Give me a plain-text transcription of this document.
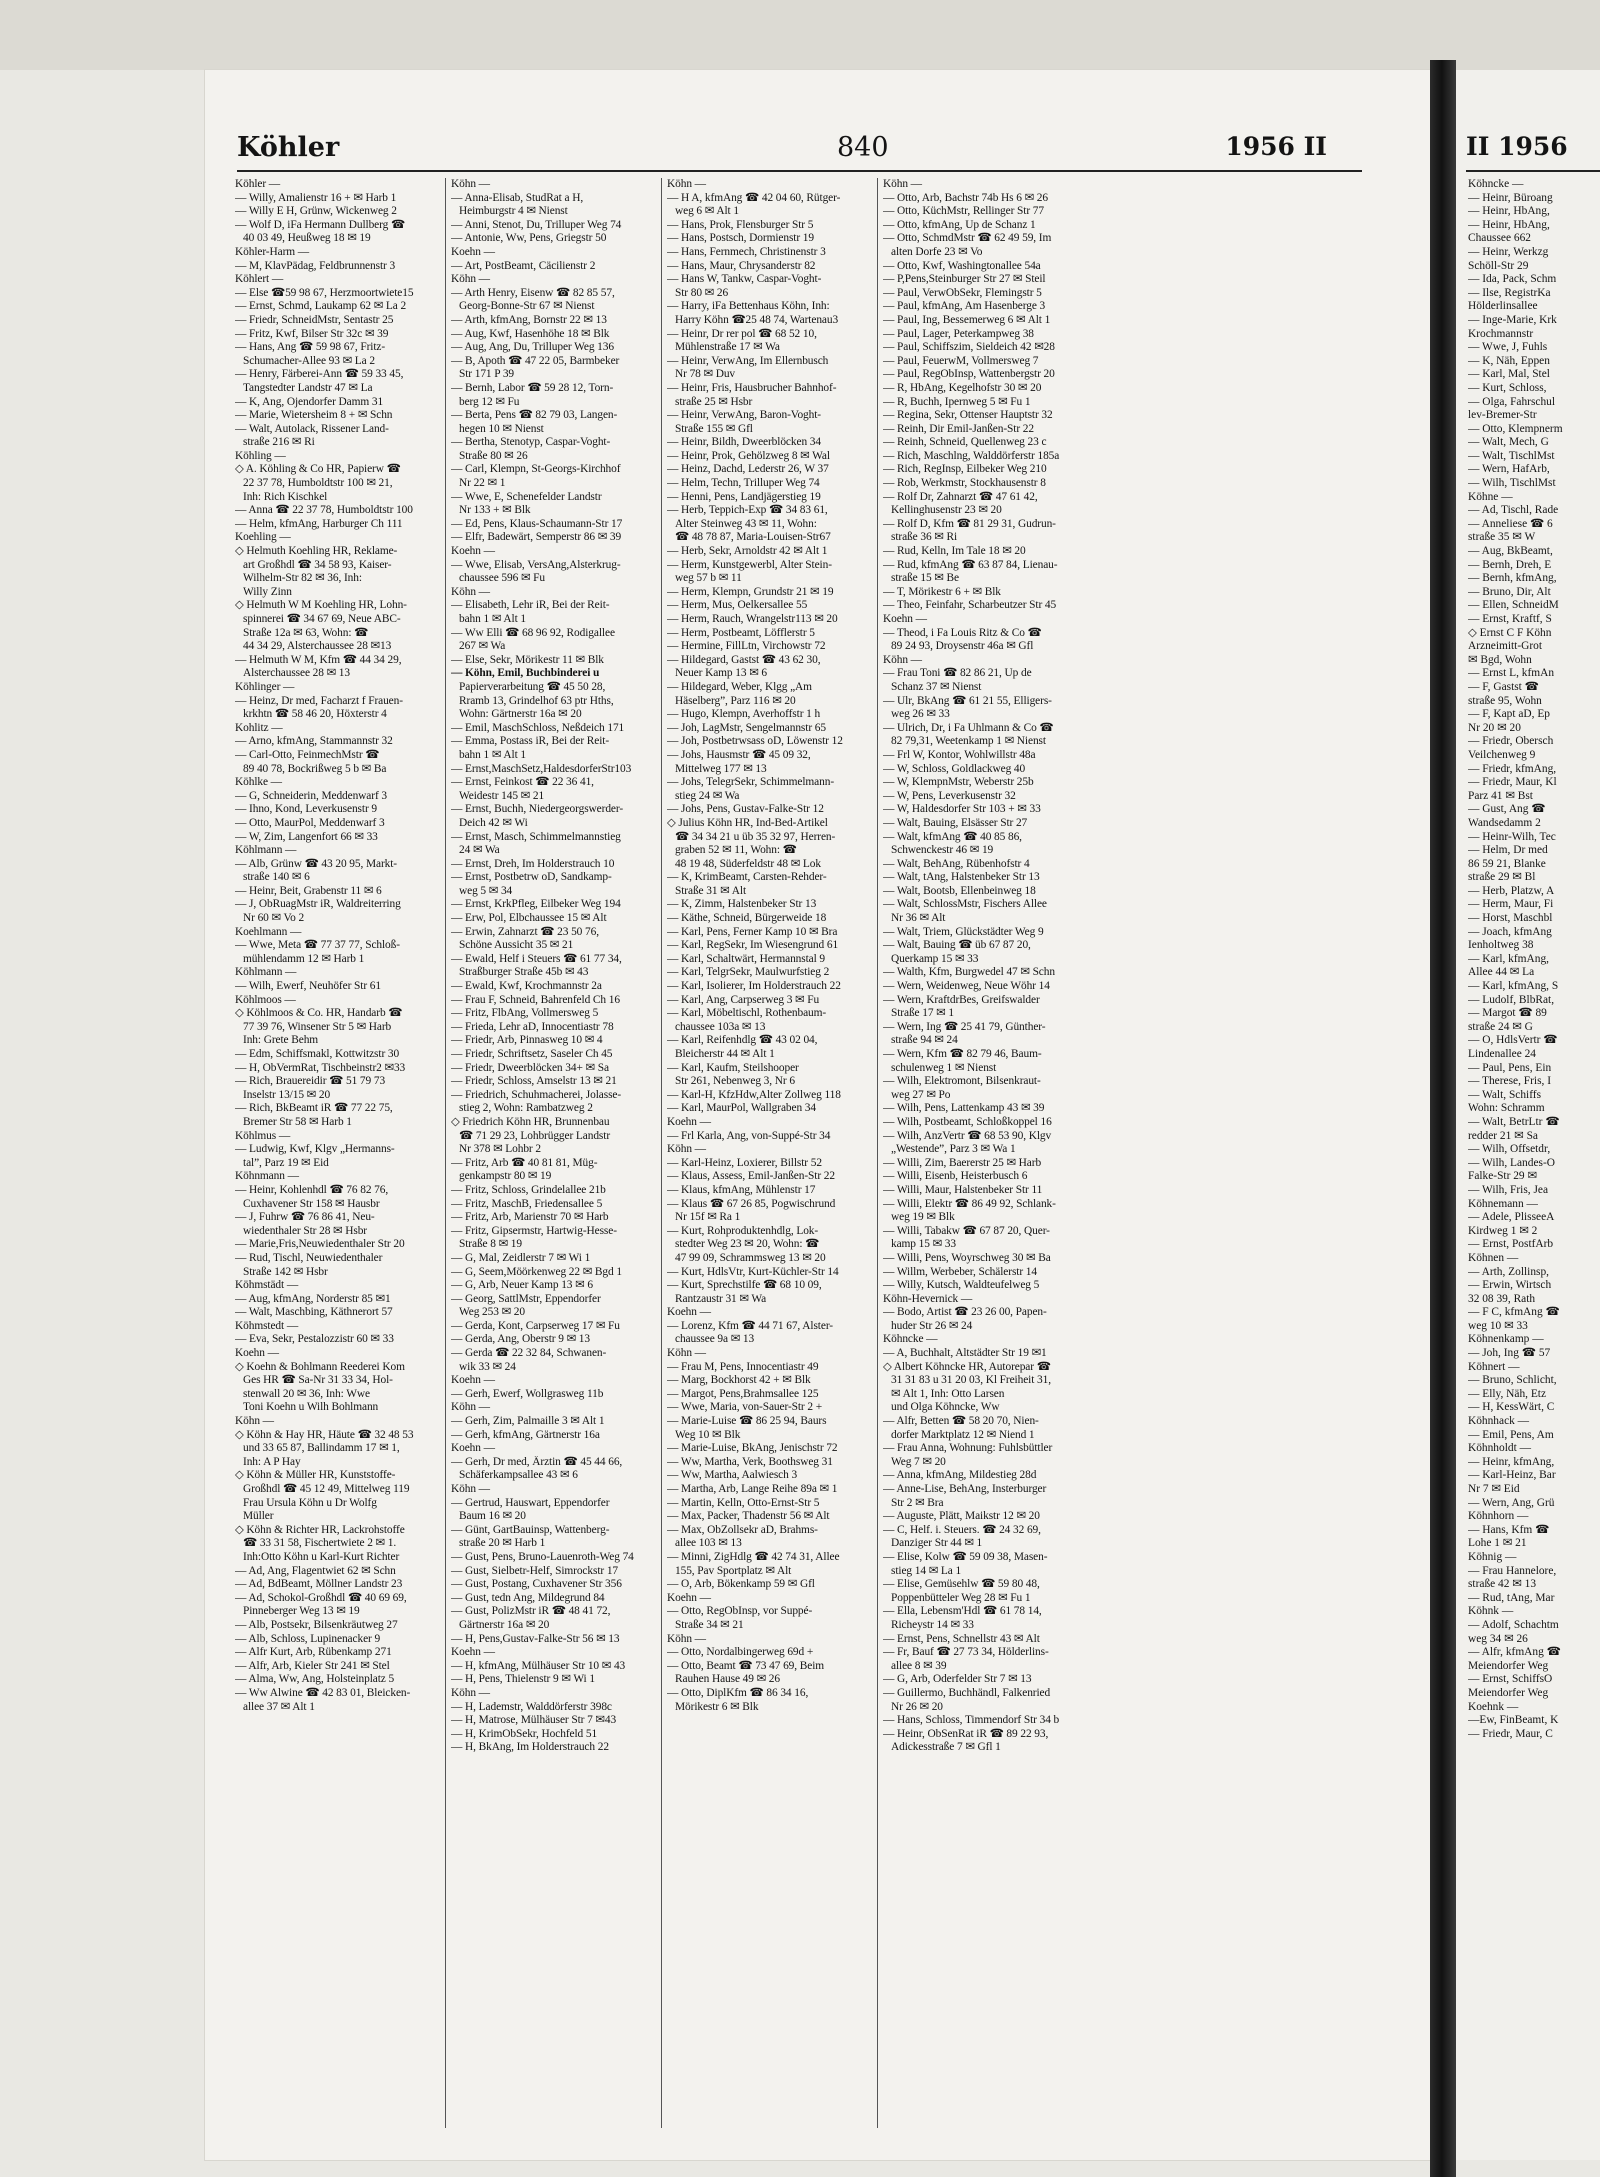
Köhler	840	1956 II
Köhler —
— Willy, Amalienstr 16 + ✉ Harb 1
— Willy E H, Grünw, Wickenweg 2
— Wolf D, iFa Hermann Dullberg ☎
40 03 49, Heußweg 18 ✉ 19
Köhler-Harm —
— M, KlavPädag, Feldbrunnenstr 3
Köhlert —
— Else ☎59 98 67, Herzmoortwiete15
— Ernst, Schmd, Laukamp 62 ✉ La 2
— Friedr, SchneidMstr, Sentastr 25
— Fritz, Kwf, Bilser Str 32c ✉ 39
— Hans, Ang ☎ 59 98 67, Fritz-
Schumacher-Allee 93 ✉ La 2
— Henry, Färberei-Ann ☎ 59 33 45,
Tangstedter Landstr 47 ✉ La
— K, Ang, Ojendorfer Damm 31
— Marie, Wietersheim 8 + ✉ Schn
— Walt, Autolack, Rissener Land-
straße 216 ✉ Ri
Köhling —
◇ A. Köhling & Co HR, Papierw ☎
22 37 78, Humboldtstr 100 ✉ 21,
Inh: Rich Kischkel
— Anna ☎ 22 37 78, Humboldtstr 100
— Helm, kfmAng, Harburger Ch 111
Koehling —
◇ Helmuth Koehling HR, Reklame-
art Großhdl ☎ 34 58 93, Kaiser-
Wilhelm-Str 82 ✉ 36, Inh:
Willy Zinn
◇ Helmuth W M Koehling HR, Lohn-
spinnerei ☎ 34 67 69, Neue ABC-
Straße 12a ✉ 63, Wohn: ☎
44 34 29, Alsterchaussee 28 ✉13
— Helmuth W M, Kfm ☎ 44 34 29,
Alsterchaussee 28 ✉ 13
Köhlinger —
— Heinz, Dr med, Facharzt f Frauen-
krkhtn ☎ 58 46 20, Höxterstr 4
Kohlitz —
— Arno, kfmAng, Stammannstr 32
— Carl-Otto, FeinmechMstr ☎
89 40 78, Bockrißweg 5 b ✉ Ba
Köhlke —
— G, Schneiderin, Meddenwarf 3
— Ihno, Kond, Leverkusenstr 9
— Otto, MaurPol, Meddenwarf 3
— W, Zim, Langenfort 66 ✉ 33
Köhlmann —
— Alb, Grünw ☎ 43 20 95, Markt-
straße 140 ✉ 6
— Heinr, Beit, Grabenstr 11 ✉ 6
— J, ObRuagMstr iR, Waldreiterring
Nr 60 ✉ Vo 2
Koehlmann —
— Wwe, Meta ☎ 77 37 77, Schloß-
mühlendamm 12 ✉ Harb 1
Köhlmann —
— Wilh, Ewerf, Neuhöfer Str 61
Köhlmoos —
◇ Köhlmoos & Co. HR, Handarb ☎
77 39 76, Winsener Str 5 ✉ Harb
Inh: Grete Behm
— Edm, Schiffsmakl, Kottwitzstr 30
— H, ObVermRat, Tischbeinstr2 ✉33
— Rich, Brauereidir ☎ 51 79 73
Inselstr 13/15 ✉ 20
— Rich, BkBeamt iR ☎ 77 22 75,
Bremer Str 58 ✉ Harb 1
Köhlmus —
— Ludwig, Kwf, Klgv „Hermanns-
tal”, Parz 19 ✉ Eid
Köhnmann —
— Heinr, Kohlenhdl ☎ 76 82 76,
Cuxhavener Str 158 ✉ Hausbr
— J, Fuhrw ☎ 76 86 41, Neu-
wiedenthaler Str 28 ✉ Hsbr
— Marie,Fris,Neuwiedenthaler Str 20
— Rud, Tischl, Neuwiedenthaler
Straße 142 ✉ Hsbr
Köhmstädt —
— Aug, kfmAng, Norderstr 85 ✉1
— Walt, Maschbing, Käthnerort 57
Köhmstedt —
— Eva, Sekr, Pestalozzistr 60 ✉ 33
Koehn —
◇ Koehn & Bohlmann Reederei Kom
Ges HR ☎ Sa-Nr 31 33 34, Hol-
stenwall 20 ✉ 36, Inh: Wwe
Toni Koehn u Wilh Bohlmann
Köhn —
◇ Köhn & Hay HR, Häute ☎ 32 48 53
und 33 65 87, Ballindamm 17 ✉ 1,
Inh: A P Hay
◇ Köhn & Müller HR, Kunststoffe-
Großhdl ☎ 45 12 49, Mittelweg 119
Frau Ursula Köhn u Dr Wolfg
Müller
◇ Köhn & Richter HR, Lackrohstoffe
☎ 33 31 58, Fischertwiete 2 ✉ 1.
Inh:Otto Köhn u Karl-Kurt Richter
— Ad, Ang, Flagentwiet 62 ✉ Schn
— Ad, BdBeamt, Möllner Landstr 23
— Ad, Schokol-Großhdl ☎ 40 69 69,
Pinneberger Weg 13 ✉ 19
— Alb, Postsekr, Bilsenkräutweg 27
— Alb, Schloss, Lupinenacker 9
— Alfr Kurt, Arb, Rübenkamp 271
— Alfr, Arb, Kieler Str 241 ✉ Stel
— Alma, Ww, Ang, Holsteinplatz 5
— Ww Alwine ☎ 42 83 01, Bleicken-
allee 37 ✉ Alt 1
Köhn —
— Anna-Elisab, StudRat a H,
Heimburgstr 4 ✉ Nienst
— Anni, Stenot, Du, Trilluper Weg 74
— Antonie, Ww, Pens, Griegstr 50
Koehn —
— Art, PostBeamt, Cäcilienstr 2
Köhn —
— Arth Henry, Eisenw ☎ 82 85 57,
Georg-Bonne-Str 67 ✉ Nienst
— Arth, kfmAng, Bornstr 22 ✉ 13
— Aug, Kwf, Hasenhöhe 18 ✉ Blk
— Aug, Ang, Du, Trilluper Weg 136
— B, Apoth ☎ 47 22 05, Barmbeker
Str 171 P 39
— Bernh, Labor ☎ 59 28 12, Torn-
berg 12 ✉ Fu
— Berta, Pens ☎ 82 79 03, Langen-
hegen 10 ✉ Nienst
— Bertha, Stenotyp, Caspar-Voght-
Straße 80 ✉ 26
— Carl, Klempn, St-Georgs-Kirchhof
Nr 22 ✉ 1
— Wwe, E, Schenefelder Landstr
Nr 133 + ✉ Blk
— Ed, Pens, Klaus-Schaumann-Str 17
— Elfr, Badewärt, Semperstr 86 ✉ 39
Koehn —
— Wwe, Elisab, VersAng,Alsterkrug-
chaussee 596 ✉ Fu
Köhn —
— Elisabeth, Lehr iR, Bei der Reit-
bahn 1 ✉ Alt 1
— Ww Elli ☎ 68 96 92, Rodigallee
267 ✉ Wa
— Else, Sekr, Mörikestr 11 ✉ Blk
— Köhn, Emil, Buchbinderei u
Papierverarbeitung ☎ 45 50 28,
Rramb 13, Grindelhof 63 ptr Hths,
Wohn: Gärtnerstr 16a ✉ 20
— Emil, MaschSchloss, Neßdeich 171
— Emma, Postass iR, Bei der Reit-
bahn 1 ✉ Alt 1
— Ernst,MaschSetz,HaldesdorferStr103
— Ernst, Feinkost ☎ 22 36 41,
Weidestr 145 ✉ 21
— Ernst, Buchh, Niedergeorgswerder-
Deich 42 ✉ Wi
— Ernst, Masch, Schimmelmannstieg
24 ✉ Wa
— Ernst, Dreh, Im Holderstrauch 10
— Ernst, Postbetrw oD, Sandkamp-
weg 5 ✉ 34
— Ernst, KrkPfleg, Eilbeker Weg 194
— Erw, Pol, Elbchaussee 15 ✉ Alt
— Erwin, Zahnarzt ☎ 23 50 76,
Schöne Aussicht 35 ✉ 21
— Ewald, Helf i Steuers ☎ 61 77 34,
Straßburger Straße 45b ✉ 43
— Ewald, Kwf, Krochmannstr 2a
— Frau F, Schneid, Bahrenfeld Ch 16
— Fritz, FlbAng, Vollmersweg 5
— Frieda, Lehr aD, Innocentiastr 78
— Friedr, Arb, Pinnasweg 10 ✉ 4
— Friedr, Schriftsetz, Saseler Ch 45
— Friedr, Dweerblöcken 34+ ✉ Sa
— Friedr, Schloss, Amselstr 13 ✉ 21
— Friedrich, Schuhmacherei, Jolasse-
stieg 2, Wohn: Rambatzweg 2
◇ Friedrich Köhn HR, Brunnenbau
☎ 71 29 23, Lohbrügger Landstr
Nr 378 ✉ Lohbr 2
— Fritz, Arb ☎ 40 81 81, Müg-
genkampstr 80 ✉ 19
— Fritz, Schloss, Grindelallee 21b
— Fritz, MaschB, Friedensallee 5
— Fritz, Arb, Marienstr 70 ✉ Harb
— Fritz, Gipsermstr, Hartwig-Hesse-
Straße 8 ✉ 19
— G, Mal, Zeidlerstr 7 ✉ Wi 1
— G, Seem,Möörkenweg 22 ✉ Bgd 1
— G, Arb, Neuer Kamp 13 ✉ 6
— Georg, SattlMstr, Eppendorfer
Weg 253 ✉ 20
— Gerda, Kont, Carpserweg 17 ✉ Fu
— Gerda, Ang, Oberstr 9 ✉ 13
— Gerda ☎ 22 32 84, Schwanen-
wik 33 ✉ 24
Koehn —
— Gerh, Ewerf, Wollgrasweg 11b
Köhn —
— Gerh, Zim, Palmaille 3 ✉ Alt 1
— Gerh, kfmAng, Gärtnerstr 16a
Koehn —
— Gerh, Dr med, Ärztin ☎ 45 44 66,
Schäferkampsallee 43 ✉ 6
Köhn —
— Gertrud, Hauswart, Eppendorfer
Baum 16 ✉ 20
— Günt, GartBauinsp, Wattenberg-
straße 20 ✉ Harb 1
— Gust, Pens, Bruno-Lauenroth-Weg 74
— Gust, Sielbetr-Helf, Simrockstr 17
— Gust, Postang, Cuxhavener Str 356
— Gust, tedn Ang, Mildegrund 84
— Gust, PolizMstr iR ☎ 48 41 72,
Gärtnerstr 16a ✉ 20
— H, Pens,Gustav-Falke-Str 56 ✉ 13
Koehn —
— H, kfmAng, Mülhäuser Str 10 ✉ 43
— H, Pens, Thielenstr 9 ✉ Wi 1
Köhn —
— H, Lademstr, Walddörferstr 398c
— H, Matrose, Mülhäuser Str 7 ✉43
— H, KrimObSekr, Hochfeld 51
— H, BkAng, Im Holderstrauch 22
Köhn —
— H A, kfmAng ☎ 42 04 60, Rütger-
weg 6 ✉ Alt 1
— Hans, Prok, Flensburger Str 5
— Hans, Postsch, Dormienstr 19
— Hans, Fernmech, Christinenstr 3
— Hans, Maur, Chrysanderstr 82
— Hans W, Tankw, Caspar-Voght-
Str 80 ✉ 26
— Harry, iFa Bettenhaus Köhn, Inh:
Harry Köhn ☎25 48 74, Wartenau3
— Heinr, Dr rer pol ☎ 68 52 10,
Mühlenstraße 17 ✉ Wa
— Heinr, VerwAng, Im Ellernbusch
Nr 78 ✉ Duv
— Heinr, Fris, Hausbrucher Bahnhof-
straße 25 ✉ Hsbr
— Heinr, VerwAng, Baron-Voght-
Straße 155 ✉ Gfl
— Heinr, Bildh, Dweerblöcken 34
— Heinr, Prok, Gehölzweg 8 ✉ Wal
— Heinz, Dachd, Lederstr 26, W 37
— Helm, Techn, Trilluper Weg 74
— Henni, Pens, Landjägerstieg 19
— Herb, Teppich-Exp ☎ 34 83 61,
Alter Steinweg 43 ✉ 11, Wohn:
☎ 48 78 87, Maria-Louisen-Str67
— Herb, Sekr, Arnoldstr 42 ✉ Alt 1
— Herm, Kunstgewerbl, Alter Stein-
weg 57 b ✉ 11
— Herm, Klempn, Grundstr 21 ✉ 19
— Herm, Mus, Oelkersallee 55
— Herm, Rauch, Wrangelstr113 ✉ 20
— Herm, Postbeamt, Löfflerstr 5
— Hermine, FillLtn, Virchowstr 72
— Hildegard, Gastst ☎ 43 62 30,
Neuer Kamp 13 ✉ 6
— Hildegard, Weber, Klgg „Am
Häselberg”, Parz 116 ✉ 20
— Hugo, Klempn, Averhoffstr 1 h
— Joh, LagMstr, Sengelmannstr 65
— Joh, Postbetrwsass oD, Löwenstr 12
— Johs, Hausmstr ☎ 45 09 32,
Mittelweg 177 ✉ 13
— Johs, TelegrSekr, Schimmelmann-
stieg 24 ✉ Wa
— Johs, Pens, Gustav-Falke-Str 12
◇ Julius Köhn HR, Ind-Bed-Artikel
☎ 34 34 21 u üb 35 32 97, Herren-
graben 52 ✉ 11, Wohn: ☎
48 19 48, Süderfeldstr 48 ✉ Lok
— K, KrimBeamt, Carsten-Rehder-
Straße 31 ✉ Alt
— K, Zimm, Halstenbeker Str 13
— Käthe, Schneid, Bürgerweide 18
— Karl, Pens, Ferner Kamp 10 ✉ Bra
— Karl, RegSekr, Im Wiesengrund 61
— Karl, Schaltwärt, Hermannstal 9
— Karl, TelgrSekr, Maulwurfstieg 2
— Karl, Isolierer, Im Holderstrauch 22
— Karl, Ang, Carpserweg 3 ✉ Fu
— Karl, Möbeltischl, Rothenbaum-
chaussee 103a ✉ 13
— Karl, Reifenhdlg ☎ 43 02 04,
Bleicherstr 44 ✉ Alt 1
— Karl, Kaufm, Steilshooper
Str 261, Nebenweg 3, Nr 6
— Karl-H, KfzHdw,Alter Zollweg 118
— Karl, MaurPol, Wallgraben 34
Koehn —
— Frl Karla, Ang, von-Suppé-Str 34
Köhn —
— Karl-Heinz, Loxierer, Billstr 52
— Klaus, Assess, Emil-Janßen-Str 22
— Klaus, kfmAng, Mühlenstr 17
— Klaus ☎ 67 26 85, Pogwischrund
Nr 15f ✉ Ra 1
— Kurt, Rohproduktenhdlg, Lok-
stedter Weg 23 ✉ 20, Wohn: ☎
47 99 09, Schrammsweg 13 ✉ 20
— Kurt, HdlsVtr, Kurt-Küchler-Str 14
— Kurt, Sprechstilfe ☎ 68 10 09,
Rantzaustr 31 ✉ Wa
Koehn —
— Lorenz, Kfm ☎ 44 71 67, Alster-
chaussee 9a ✉ 13
Köhn —
— Frau M, Pens, Innocentiastr 49
— Marg, Bockhorst 42 + ✉ Blk
— Margot, Pens,Brahmsallee 125
— Wwe, Maria, von-Sauer-Str 2 +
— Marie-Luise ☎ 86 25 94, Baurs
Weg 10 ✉ Blk
— Marie-Luise, BkAng, Jenischstr 72
— Ww, Martha, Verk, Boothsweg 31
— Ww, Martha, Aalwiesch 3
— Martha, Arb, Lange Reihe 89a ✉ 1
— Martin, Kelln, Otto-Ernst-Str 5
— Max, Packer, Thadenstr 56 ✉ Alt
— Max, ObZollsekr aD, Brahms-
allee 103 ✉ 13
— Minni, ZigHdlg ☎ 42 74 31, Allee
155, Pav Sportplatz ✉ Alt
— O, Arb, Bökenkamp 59 ✉ Gfl
Koehn —
— Otto, RegObInsp, vor Suppé-
Straße 34 ✉ 21
Köhn —
— Otto, Nordalbingerweg 69d +
— Otto, Beamt ☎ 73 47 69, Beim
Rauhen Hause 49 ✉ 26
— Otto, DiplKfm ☎ 86 34 16,
Mörikestr 6 ✉ Blk
Köhn —
— Otto, Arb, Bachstr 74b Hs 6 ✉ 26
— Otto, KüchMstr, Rellinger Str 77
— Otto, kfmAng, Up de Schanz 1
— Otto, SchmdMstr ☎ 62 49 59, Im
alten Dorfe 23 ✉ Vo
— Otto, Kwf, Washingtonallee 54a
— P,Pens,Steinburger Str 27 ✉ Steil
— Paul, VerwObSekr, Flemingstr 5
— Paul, kfmAng, Am Hasenberge 3
— Paul, Ing, Bessemerweg 6 ✉ Alt 1
— Paul, Lager, Peterkampweg 38
— Paul, Schiffszim, Sieldeich 42 ✉28
— Paul, FeuerwM, Vollmersweg 7
— Paul, RegObInsp, Wattenbergstr 20
— R, HbAng, Kegelhofstr 30 ✉ 20
— R, Buchh, Ipernweg 5 ✉ Fu 1
— Regina, Sekr, Ottenser Hauptstr 32
— Reinh, Dir Emil-Janßen-Str 22
— Reinh, Schneid, Quellenweg 23 c
— Rich, Maschlng, Walddörferstr 185a
— Rich, RegInsp, Eilbeker Weg 210
— Rob, Werkmstr, Stockhausenstr 8
— Rolf Dr, Zahnarzt ☎ 47 61 42,
Kellinghusenstr 23 ✉ 20
— Rolf D, Kfm ☎ 81 29 31, Gudrun-
straße 36 ✉ Ri
— Rud, Kelln, Im Tale 18 ✉ 20
— Rud, kfmAng ☎ 63 87 84, Lienau-
straße 15 ✉ Be
— T, Mörikestr 6 + ✉ Blk
— Theo, Feinfahr, Scharbeutzer Str 45
Koehn —
— Theod, i Fa Louis Ritz & Co ☎
89 24 93, Droysenstr 46a ✉ Gfl
Köhn —
— Frau Toni ☎ 82 86 21, Up de
Schanz 37 ✉ Nienst
— Ulr, BkAng ☎ 61 21 55, Elligers-
weg 26 ✉ 33
— Ulrich, Dr, i Fa Uhlmann & Co ☎
82 79,31, Weetenkamp 1 ✉ Nienst
— Frl W, Kontor, Wohlwillstr 48a
— W, Schloss, Goldlackweg 40
— W, KlempnMstr, Weberstr 25b
— W, Pens, Leverkusenstr 32
— W, Haldesdorfer Str 103 + ✉ 33
— Walt, Bauing, Elsässer Str 27
— Walt, kfmAng ☎ 40 85 86,
Schwenckestr 46 ✉ 19
— Walt, BehAng, Rübenhofstr 4
— Walt, tAng, Halstenbeker Str 13
— Walt, Bootsb, Ellenbeinweg 18
— Walt, SchlossMstr, Fischers Allee
Nr 36 ✉ Alt
— Walt, Triem, Glückstädter Weg 9
— Walt, Bauing ☎ üb 67 87 20,
Querkamp 15 ✉ 33
— Walth, Kfm, Burgwedel 47 ✉ Schn
— Wern, Weidenweg, Neue Wöhr 14
— Wern, KraftdrBes, Greifswalder
Straße 17 ✉ 1
— Wern, Ing ☎ 25 41 79, Günther-
straße 94 ✉ 24
— Wern, Kfm ☎ 82 79 46, Baum-
schulenweg 1 ✉ Nienst
— Wilh, Elektromont, Bilsenkraut-
weg 27 ✉ Po
— Wilh, Pens, Lattenkamp 43 ✉ 39
— Wilh, Postbeamt, Schloßkoppel 16
— Wilh, AnzVertr ☎ 68 53 90, Klgv
„Westende”, Parz 3 ✉ Wa 1
— Willi, Zim, Baererstr 25 ✉ Harb
— Willi, Eisenb, Heisterbusch 6
— Willi, Maur, Halstenbeker Str 11
— Willi, Elektr ☎ 86 49 92, Schlank-
weg 19 ✉ Blk
— Willi, Tabakw ☎ 67 87 20, Quer-
kamp 15 ✉ 33
— Willi, Pens, Woyrschweg 30 ✉ Ba
— Willm, Werbeber, Schälerstr 14
— Willy, Kutsch, Waldteufelweg 5
Köhn-Hevernick —
— Bodo, Artist ☎ 23 26 00, Papen-
huder Str 26 ✉ 24
Köhncke —
— A, Buchhalt, Altstädter Str 19 ✉1
◇ Albert Köhncke HR, Autorepar ☎
31 31 83 u 31 20 03, Kl Freiheit 31,
✉ Alt 1, Inh: Otto Larsen
und Olga Köhncke, Ww
— Alfr, Betten ☎ 58 20 70, Nien-
dorfer Marktplatz 12 ✉ Niend 1
— Frau Anna, Wohnung: Fuhlsbüttler
Weg 7 ✉ 20
— Anna, kfmAng, Mildestieg 28d
— Anne-Lise, BehAng, Insterburger
Str 2 ✉ Bra
— Auguste, Plätt, Maikstr 12 ✉ 20
— C, Helf. i. Steuers. ☎ 24 32 69,
Danziger Str 44 ✉ 1
— Elise, Kolw ☎ 59 09 38, Masen-
stieg 14 ✉ La 1
— Elise, Gemüsehlw ☎ 59 80 48,
Poppenbütteler Weg 28 ✉ Fu 1
— Ella, Lebensm'Hdl ☎ 61 78 14,
Richeystr 14 ✉ 33
— Ernst, Pens, Schnellstr 43 ✉ Alt
— Fr, Bauf ☎ 27 73 34, Hölderlins-
allee 8 ✉ 39
— G, Arb, Oderfelder Str 7 ✉ 13
— Guillermo, Buchhändl, Falkenried
Nr 26 ✉ 20
— Hans, Schloss, Timmendorf Str 34 b
— Heinr, ObSenRat iR ☎ 89 22 93,
Adickesstraße 7 ✉ Gfl 1
II 1956
Köhncke —
— Heinr, Büroang
— Heinr, HbAng,
— Heinr, HbAng,
Chaussee 662
— Heinr, Werkzg
Schöll-Str 29
— Ida, Pack, Schm
— Ilse, RegistrKa
Hölderlinsallee
— Inge-Marie, Krk
Krochmannstr
— Wwe, J, Fuhls
— K, Näh, Eppen
— Karl, Mal, Stel
— Kurt, Schloss,
— Olga, Fahrschul
lev-Bremer-Str
— Otto, Klempnerm
— Walt, Mech, G
— Walt, TischlMst
— Wern, HafArb,
— Wilh, TischlMst
Köhne —
— Ad, Tischl, Rade
— Anneliese ☎ 6
straße 35 ✉ W
— Aug, BkBeamt,
— Bernh, Dreh, E
— Bernh, kfmAng,
— Bruno, Dir, Alt
— Ellen, SchneidM
— Ernst, Kraftf, S
◇ Ernst C F Köhn
Arzneimitt-Grot
✉ Bgd, Wohn
— Ernst L, kfmAn
— F, Gastst ☎
straße 95, Wohn
— F, Kapt aD, Ep
Nr 20 ✉ 20
— Friedr, Obersch
Veilchenweg 9
— Friedr, kfmAng,
— Friedr, Maur, Kl
Parz 41 ✉ Bst
— Gust, Ang ☎
Wandsedamm 2
— Heinr-Wilh, Tec
— Helm, Dr med
86 59 21, Blanke
straße 29 ✉ Bl
— Herb, Platzw, A
— Herm, Maur, Fi
— Horst, Maschbl
— Joach, kfmAng
Ienholtweg 38
— Karl, kfmAng,
Allee 44 ✉ La
— Karl, kfmAng, S
— Ludolf, BlbRat,
— Margot ☎ 89
straße 24 ✉ G
— O, HdlsVertr ☎
Lindenallee 24
— Paul, Pens, Ein
— Therese, Fris, I
— Walt, Schiffs
Wohn: Schramm
— Walt, BetrLtr ☎
redder 21 ✉ Sa
— Wilh, Offsetdr,
— Wilh, Landes-O
Falke-Str 29 ✉
— Wilh, Fris, Jea
Köhnemann —
— Adele, PlisseeA
Kirdweg 1 ✉ 2
— Ernst, PostfArb
Köhnen —
— Arth, Zollinsp,
— Erwin, Wirtsch
32 08 39, Rath
— F C, kfmAng ☎
weg 10 ✉ 33
Köhnenkamp —
— Joh, Ing ☎ 57
Köhnert —
— Bruno, Schlicht,
— Elly, Näh, Etz
— H, KessWärt, C
Köhnhack —
— Emil, Pens, Am
Köhnholdt —
— Heinr, kfmAng,
— Karl-Heinz, Bar
Nr 7 ✉ Eid
— Wern, Ang, Grü
Köhnhorn —
— Hans, Kfm ☎
Lohe 1 ✉ 21
Köhnig —
— Frau Hannelore,
straße 42 ✉ 13
— Rud, tAng, Mar
Köhnk —
— Adolf, Schachtm
weg 34 ✉ 26
— Alfr, kfmAng ☎
Meiendorfer Weg
— Ernst, SchiffsO
Meiendorfer Weg
Koehnk —
—Ew, FinBeamt, K
— Friedr, Maur, C
